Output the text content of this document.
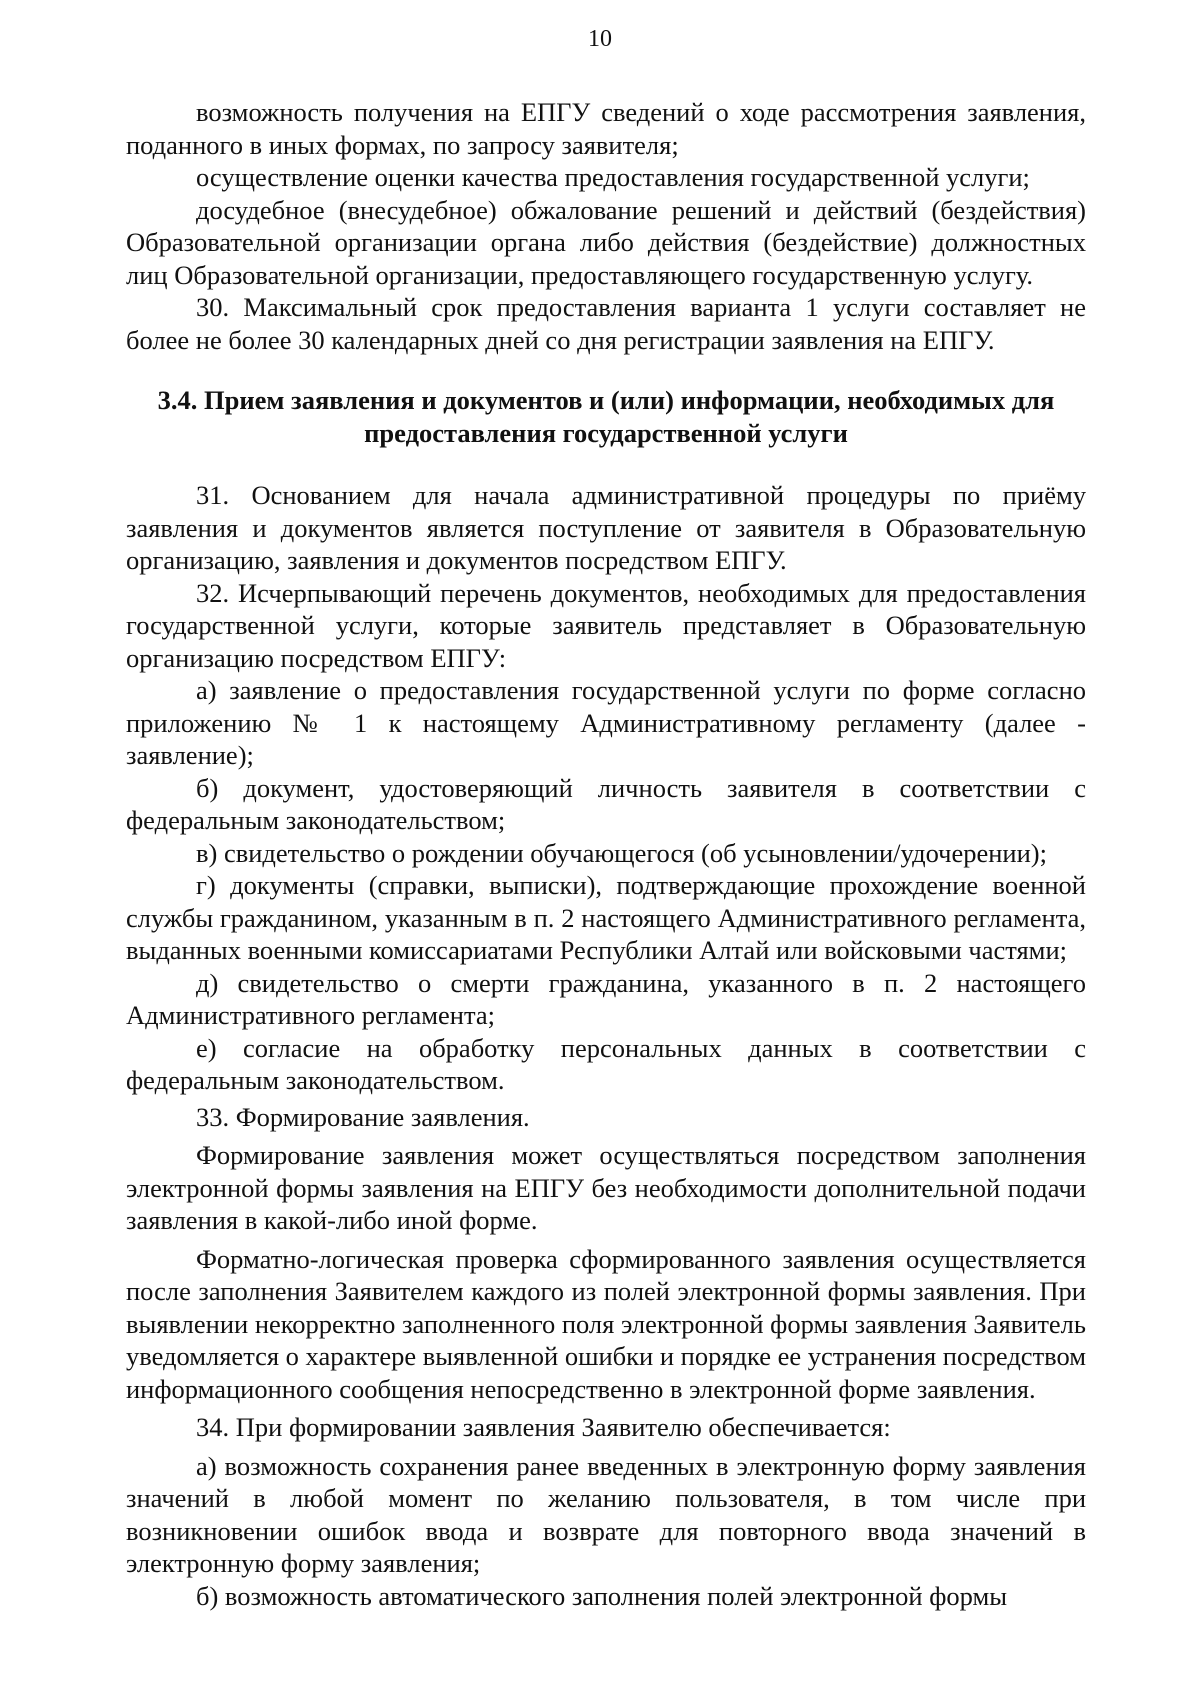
10

возможность получения на ЕПГУ сведений о ходе рассмотрения заявления, поданного в иных формах, по запросу заявителя;

осуществление оценки качества предоставления государственной услуги;

досудебное (внесудебное) обжалование решений и действий (бездействия) Образовательной организации органа либо действия (бездействие) должностных лиц Образовательной организации, предоставляющего государственную услугу.

30. Максимальный срок предоставления варианта 1 услуги составляет не более не более 30 календарных дней со дня регистрации заявления на ЕПГУ.

3.4. Прием заявления и документов и (или) информации, необходимых для предоставления государственной услуги

31. Основанием для начала административной процедуры по приёму заявления и документов является поступление от заявителя в Образовательную организацию, заявления и документов посредством ЕПГУ.

32. Исчерпывающий перечень документов, необходимых для предоставления государственной услуги, которые заявитель представляет в Образовательную организацию посредством ЕПГУ:

а) заявление о предоставления государственной услуги по форме согласно приложению № 1 к настоящему Административному регламенту (далее - заявление);

б) документ, удостоверяющий личность заявителя в соответствии с федеральным законодательством;

в) свидетельство о рождении обучающегося (об усыновлении/удочерении);

г) документы (справки, выписки), подтверждающие прохождение военной службы гражданином, указанным в п. 2 настоящего Административного регламента, выданных военными комиссариатами Республики Алтай или войсковыми частями;

д) свидетельство о смерти гражданина, указанного в п. 2 настоящего Административного регламента;

е) согласие на обработку персональных данных в соответствии с федеральным законодательством.

33. Формирование заявления.

Формирование заявления может осуществляться посредством заполнения электронной формы заявления на ЕПГУ без необходимости дополнительной подачи заявления в какой-либо иной форме.

Форматно-логическая проверка сформированного заявления осуществляется после заполнения Заявителем каждого из полей электронной формы заявления. При выявлении некорректно заполненного поля электронной формы заявления Заявитель уведомляется о характере выявленной ошибки и порядке ее устранения посредством информационного сообщения непосредственно в электронной форме заявления.

34. При формировании заявления Заявителю обеспечивается:

а) возможность сохранения ранее введенных в электронную форму заявления значений в любой момент по желанию пользователя, в том числе при возникновении ошибок ввода и возврате для повторного ввода значений в электронную форму заявления;

б) возможность автоматического заполнения полей электронной формы
